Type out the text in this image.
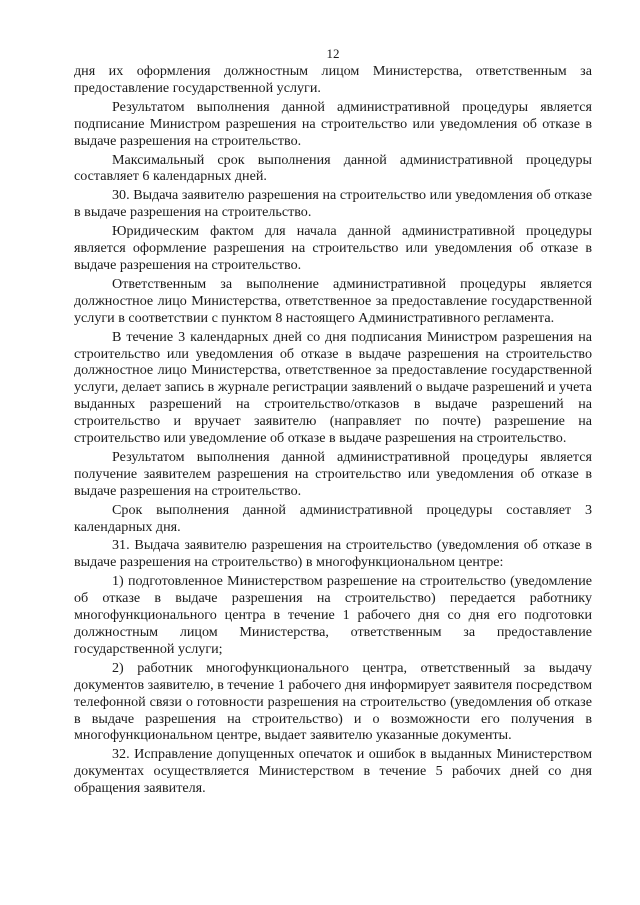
12

дня их оформления должностным лицом Министерства, ответственным за предоставление государственной услуги.

Результатом выполнения данной административной процедуры является подписание Министром разрешения на строительство или уведомления об отказе в выдаче разрешения на строительство.

Максимальный срок выполнения данной административной процедуры составляет 6 календарных дней.

30. Выдача заявителю разрешения на строительство или уведомления об отказе в выдаче разрешения на строительство.

Юридическим фактом для начала данной административной процедуры является оформление разрешения на строительство или уведомления об отказе в выдаче разрешения на строительство.

Ответственным за выполнение административной процедуры является должностное лицо Министерства, ответственное за предоставление государственной услуги в соответствии с пунктом 8 настоящего Административного регламента.

В течение 3 календарных дней со дня подписания Министром разрешения на строительство или уведомления об отказе в выдаче разрешения на строительство должностное лицо Министерства, ответственное за предоставление государственной услуги, делает запись в журнале регистрации заявлений о выдаче разрешений и учета выданных разрешений на строительство/отказов в выдаче разрешений на строительство и вручает заявителю (направляет по почте) разрешение на строительство или уведомление об отказе в выдаче разрешения на строительство.

Результатом выполнения данной административной процедуры является получение заявителем разрешения на строительство или уведомления об отказе в выдаче разрешения на строительство.

Срок выполнения данной административной процедуры составляет 3 календарных дня.

31. Выдача заявителю разрешения на строительство (уведомления об отказе в выдаче разрешения на строительство) в многофункциональном центре:

1) подготовленное Министерством разрешение на строительство (уведомление об отказе в выдаче разрешения на строительство) передается работнику многофункционального центра в течение 1 рабочего дня со дня его подготовки должностным лицом Министерства, ответственным за предоставление государственной услуги;

2) работник многофункционального центра, ответственный за выдачу документов заявителю, в течение 1 рабочего дня информирует заявителя посредством телефонной связи о готовности разрешения на строительство (уведомления об отказе в выдаче разрешения на строительство) и о возможности его получения в многофункциональном центре, выдает заявителю указанные документы.

32. Исправление допущенных опечаток и ошибок в выданных Министерством документах осуществляется Министерством в течение 5 рабочих дней со дня обращения заявителя.
